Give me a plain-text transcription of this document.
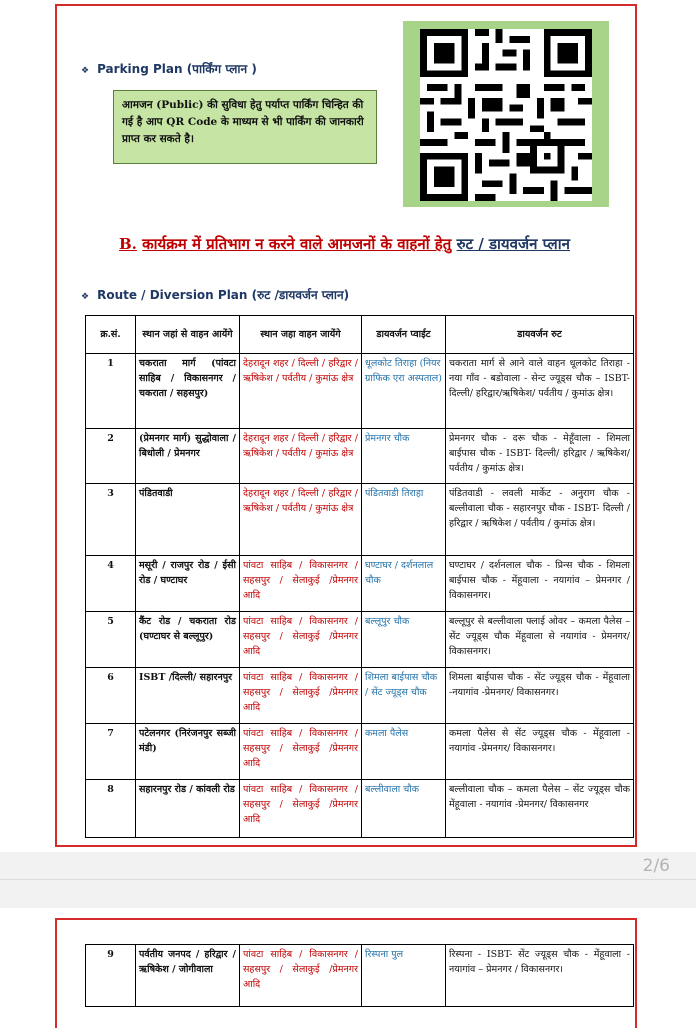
❖ Parking Plan (पार्किंग प्लान )
आमजन (Public) की सुविधा हेतु पर्याप्त पार्किंग चिन्हित की गई है आप QR Code के माध्यम से भी पार्किंग की जानकारी प्राप्त कर सकते है।
B. कार्यक्रम में प्रतिभाग न करने वाले आमजनों के वाहनों हेतु रुट / डायवर्जन प्लान
❖ Route / Diversion Plan (रुट /डायवर्जन प्लान)
क्र.सं.	स्थान जहां से वाहन आयेंगे	स्थान जहा वाहन जायेंगे	डायवर्जन प्वाईट	डायवर्जन रुट
1	चकराता मार्ग (पांवटा साहिब / विकासनगर / चकराता / सहसपुर)	देहरादून शहर / दिल्ली / हरिद्वार / ऋषिकेश / पर्वतीय / कुमांऊ क्षेत्र	धूलकोट तिराहा (नियर ग्राफिक एरा अस्पताल)	चकराता मार्ग से आने वाले वाहन धूलकोट तिराहा - नया गाँव - बडोवाला - सेन्ट ज्यूड्स चौक – ISBT- दिल्ली/ हरिद्वार/ऋषिकेश/ पर्वतीय / कुमांऊ क्षेत्र।
2	(प्रेमनगर मार्ग) सुद्धोवाला / बिधोली / प्रेमनगर	देहरादून शहर / दिल्ली / हरिद्वार / ऋषिकेश / पर्वतीय / कुमांऊ क्षेत्र	प्रेमनगर चौक	प्रेमनगर चौक - दरू चौक - मेहूँवाला - शिमला बाईपास चौक - ISBT- दिल्ली/ हरिद्वार / ऋषिकेश/ पर्वतीय / कुमांऊ क्षेत्र।
3	पंडितवाडी	देहरादून शहर / दिल्ली / हरिद्वार / ऋषिकेश / पर्वतीय / कुमांऊ क्षेत्र	पंडितवाडी तिराहा	पंडितवाडी - लवली मार्केट - अनुराग चौक - बल्लीवाला चौक - सहारनपुर चौक - ISBT- दिल्ली / हरिद्वार / ऋषिकेश / पर्वतीय / कुमांऊ क्षेत्र।
4	मसूरी / राजपुर रोड / ईसी रोड / घण्टाघर	पांवटा साहिब / विकासनगर / सहसपुर / सेलाकुई /प्रेमनगर आदि	घण्टाघर / दर्शनलाल चौक	घण्टाघर / दर्शनलाल चौक - प्रिन्स चौक - शिमला बाईपास चौक - मेंहूवाला - नयागांव – प्रेमनगर / विकासनगर।
5	कैंट रोड / चकराता रोड (घण्टाघर से बल्लूपुर)	पांवटा साहिब / विकासनगर / सहसपुर / सेलाकुई /प्रेमनगर आदि	बल्लूपुर चौक	बल्लूपुर से बल्लीवाला फ्लाई ओवर – कमला पैलेस – सेंट ज्यूड्स चौक मेंहूवाला से नयागांव - प्रेमनगर/ विकासनगर।
6	ISBT /दिल्ली/ सहारनपुर	पांवटा साहिब / विकासनगर / सहसपुर / सेलाकुई /प्रेमनगर आदि	शिमला बाईपास चौक / सेंट ज्यूड्स चौक	शिमला बाईपास चौक - सेंट ज्यूड्स चौक - मेंहूवाला -नयागांव -प्रेमनगर/ विकासनगर।
7	पटेलनगर (निरंजनपुर सब्जी मंडी)	पांवटा साहिब / विकासनगर / सहसपुर / सेलाकुई /प्रेमनगर आदि	कमला पैलेस	कमला पैलेस से सेंट ज्यूड्स चौक - मेंहूवाला - नयागांव -प्रेमनगर/ विकासनगर।
8	सहारनपुर रोड / कांवली रोड	पांवटा साहिब / विकासनगर / सहसपुर / सेलाकुई /प्रेमनगर आदि	बल्लीवाला चौक	बल्लीवाला चौक – कमला पैलेस – सेंट ज्यूड्स चौक मेंहूवाला - नयागांव -प्रेमनगर/ विकासनगर
2/6
9	पर्वतीय जनपद / हरिद्वार / ऋषिकेश / जोगीवाला	पांवटा साहिब / विकासनगर / सहसपुर / सेलाकुई /प्रेमनगर आदि	रिस्पना पुल	रिस्पना - ISBT- सेंट ज्यूड्स चौक - मेंहूवाला - नयागांव – प्रेमनगर / विकासनगर।
